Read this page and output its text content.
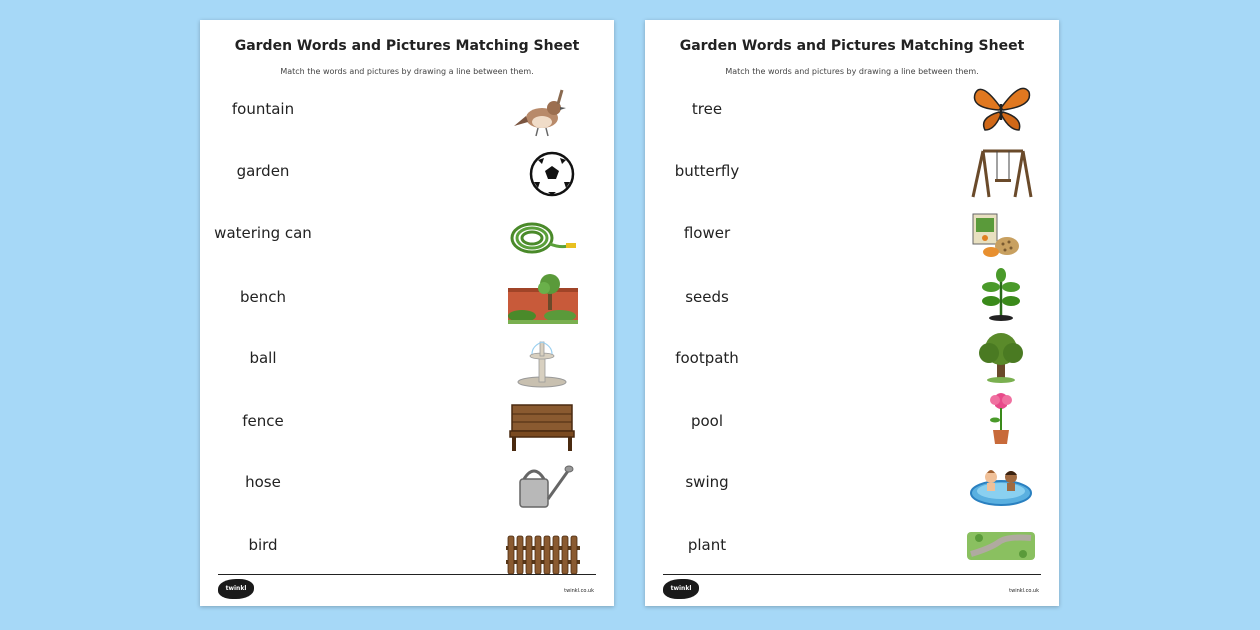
Garden Words and Pictures Matching Sheet
Match the words and pictures by drawing a line between them.
fountain
garden
watering can
bench
ball
fence
hose
bird
twinkl	twinkl.co.uk
Garden Words and Pictures Matching Sheet
Match the words and pictures by drawing a line between them.
tree
butterfly
flower
seeds
footpath
pool
swing
plant
twinkl	twinkl.co.uk
